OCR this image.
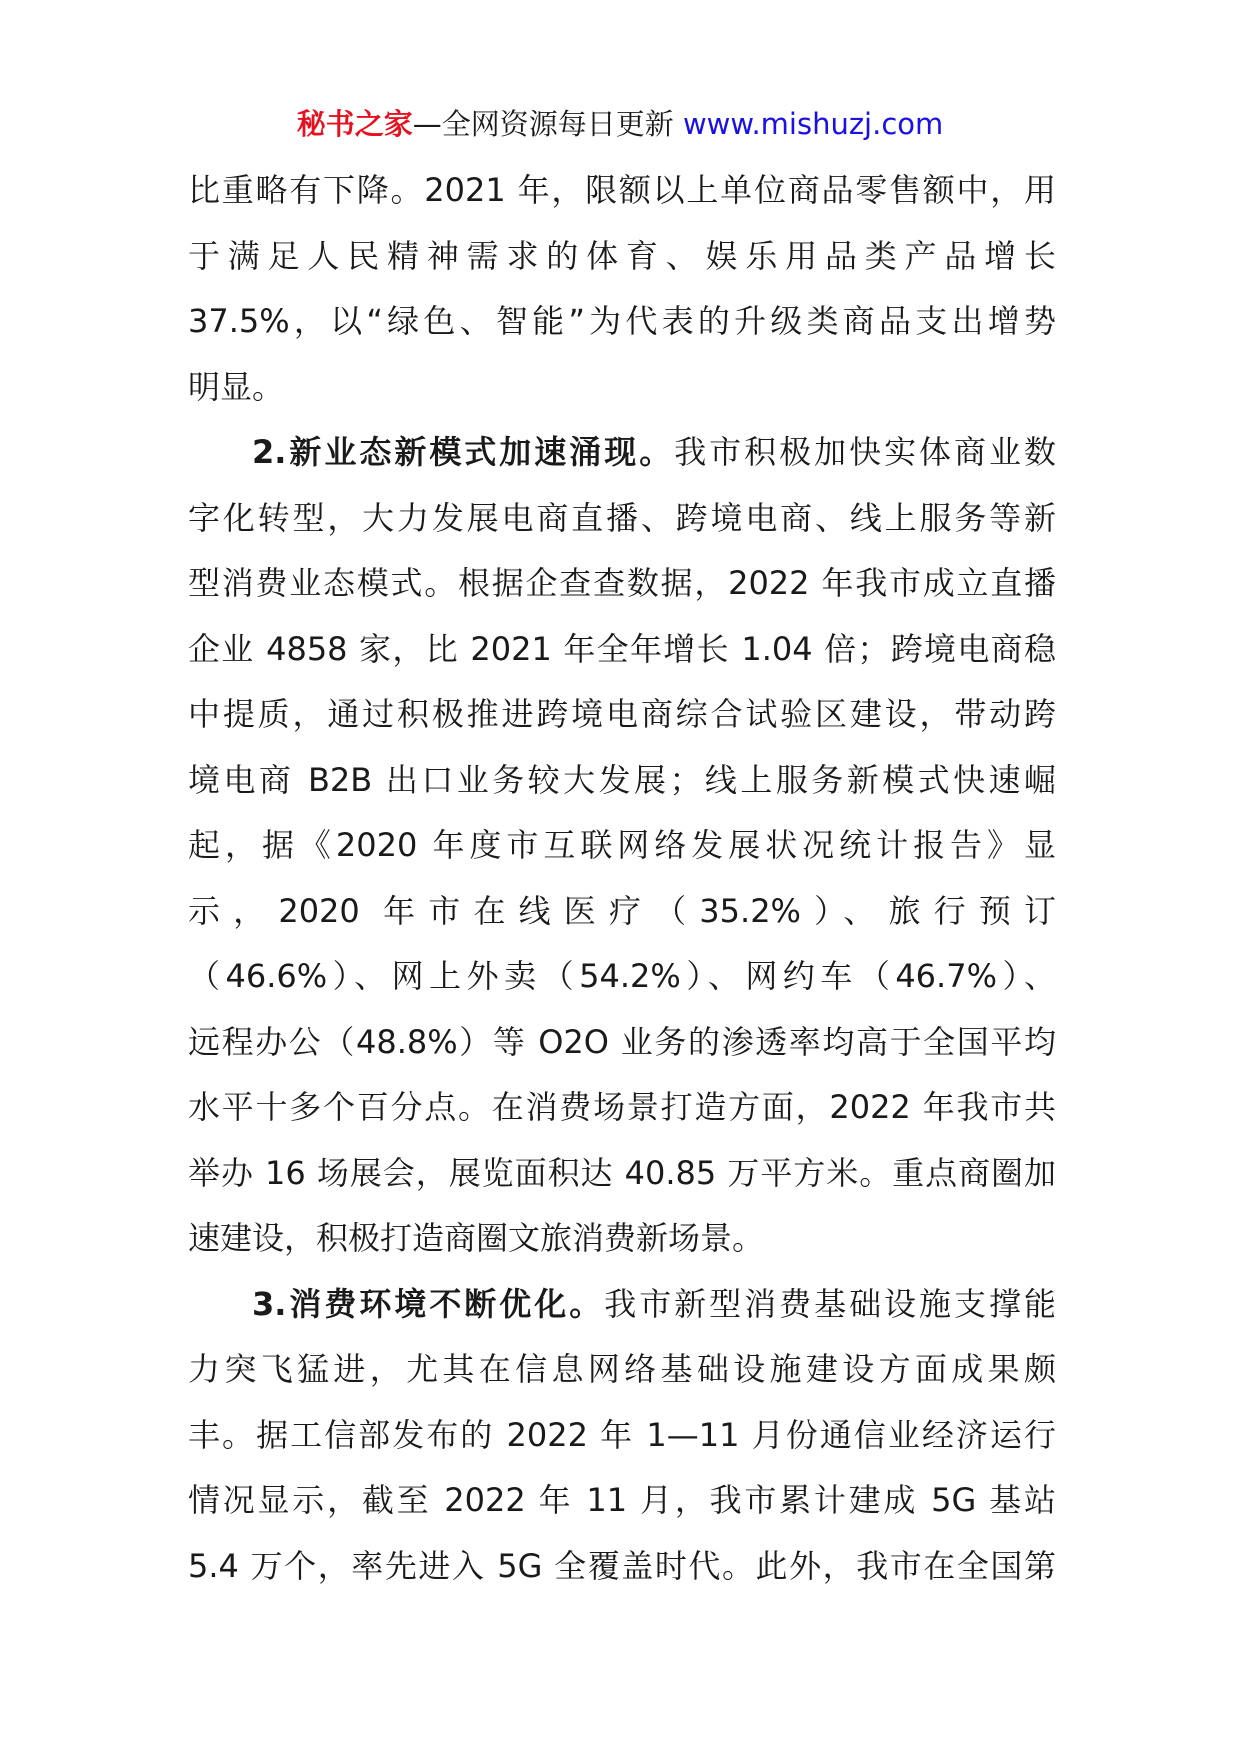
秘书之家—全网资源每日更新 www.mishuzj.com
比重略有下降。2021 年，限额以上单位商品零售额中，用
于满足人民精神需求的体育、娱乐用品类产品增长
37.5%，以“绿色、智能”为代表的升级类商品支出增势
明显。
2.新业态新模式加速涌现。我市积极加快实体商业数
字化转型，大力发展电商直播、跨境电商、线上服务等新
型消费业态模式。根据企查查数据，2022 年我市成立直播
企业 4858 家，比 2021 年全年增长 1.04 倍；跨境电商稳
中提质，通过积极推进跨境电商综合试验区建设，带动跨
境电商 B2B 出口业务较大发展；线上服务新模式快速崛
起，据《2020 年度市互联网络发展状况统计报告》显
示，2020 年市在线医疗（35.2%）、旅行预订
（46.6%）、网上外卖（54.2%）、网约车（46.7%）、
远程办公（48.8%）等 O2O 业务的渗透率均高于全国平均
水平十多个百分点。在消费场景打造方面，2022 年我市共
举办 16 场展会，展览面积达 40.85 万平方米。重点商圈加
速建设，积极打造商圈文旅消费新场景。
3.消费环境不断优化。我市新型消费基础设施支撑能
力突飞猛进，尤其在信息网络基础设施建设方面成果颇
丰。据工信部发布的 2022 年 1—11 月份通信业经济运行
情况显示，截至 2022 年 11 月，我市累计建成 5G 基站
5.4 万个，率先进入 5G 全覆盖时代。此外，我市在全国第
